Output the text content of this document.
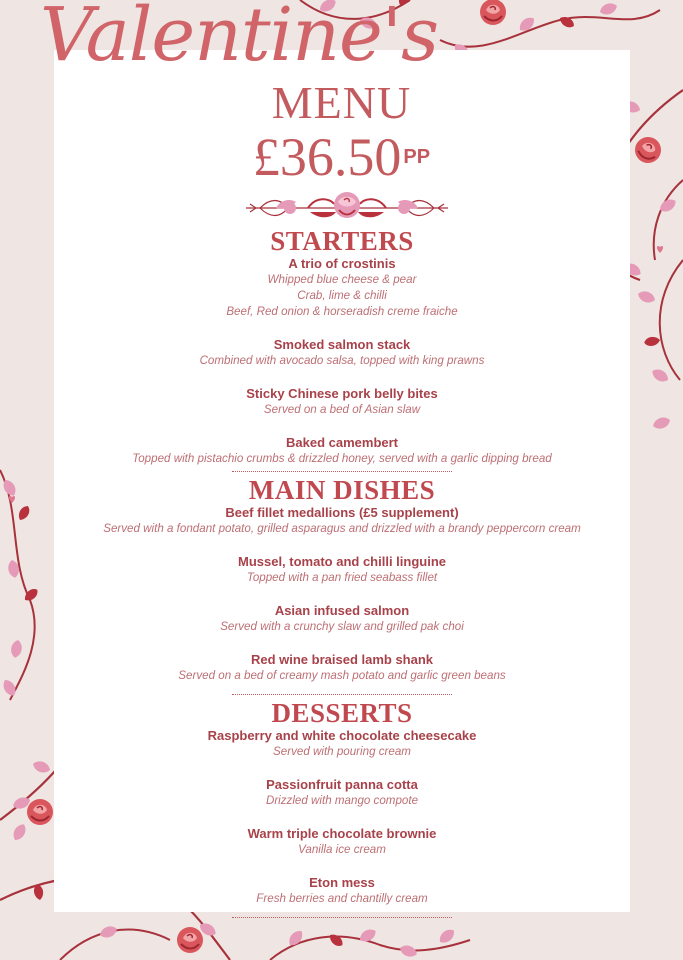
Valentine's
MENU
£36.50 $^{PP}$
STARTERS
A trio of crostinis
Whipped blue cheese & pear
Crab, lime & chilli
Beef, Red onion & horseradish creme fraiche
Smoked salmon stack
Combined with avocado salsa, topped with king prawns
Sticky Chinese pork belly bites
Served on a bed of Asian slaw
Baked camembert
Topped with pistachio crumbs & drizzled honey, served with a garlic dipping bread
MAIN DISHES
Beef fillet medallions (£5 supplement)
Served with a fondant potato, grilled asparagus and drizzled with a brandy peppercorn cream
Mussel, tomato and chilli linguine
Topped with a pan fried seabass fillet
Asian infused salmon
Served with a crunchy slaw and grilled pak choi
Red wine braised lamb shank
Served on a bed of creamy mash potato and garlic green beans
DESSERTS
Raspberry and white chocolate cheesecake
Served with pouring cream
Passionfruit panna cotta
Drizzled with mango compote
Warm triple chocolate brownie
Vanilla ice cream
Eton mess
Fresh berries and chantilly cream
